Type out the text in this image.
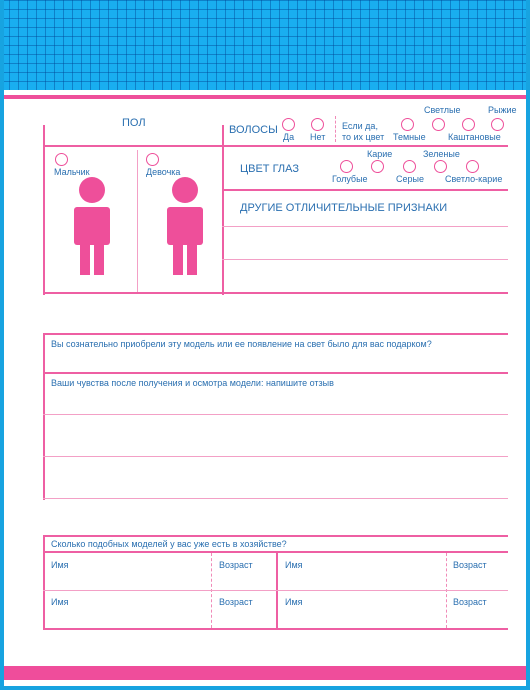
ПОЛ
Мальчик	Девочка
ВОЛОСЫ
Да Нет
Если да,
то их цвет
Светлые	Рыжие
Темные Каштановые
ЦВЕТ ГЛАЗ
Карие	Зеленые
Голубые	Серые Светло-карие
ДРУГИЕ ОТЛИЧИТЕЛЬНЫЕ ПРИЗНАКИ
Вы сознательно приобрели эту модель или ее появление на свет было для вас подарком?
Ваши чувства после получения и осмотра модели: напишите отзыв
Сколько подобных моделей у вас уже есть в хозяйстве?
Имя	Возраст	Имя	Возраст
Имя	Возраст	Имя	Возраст
